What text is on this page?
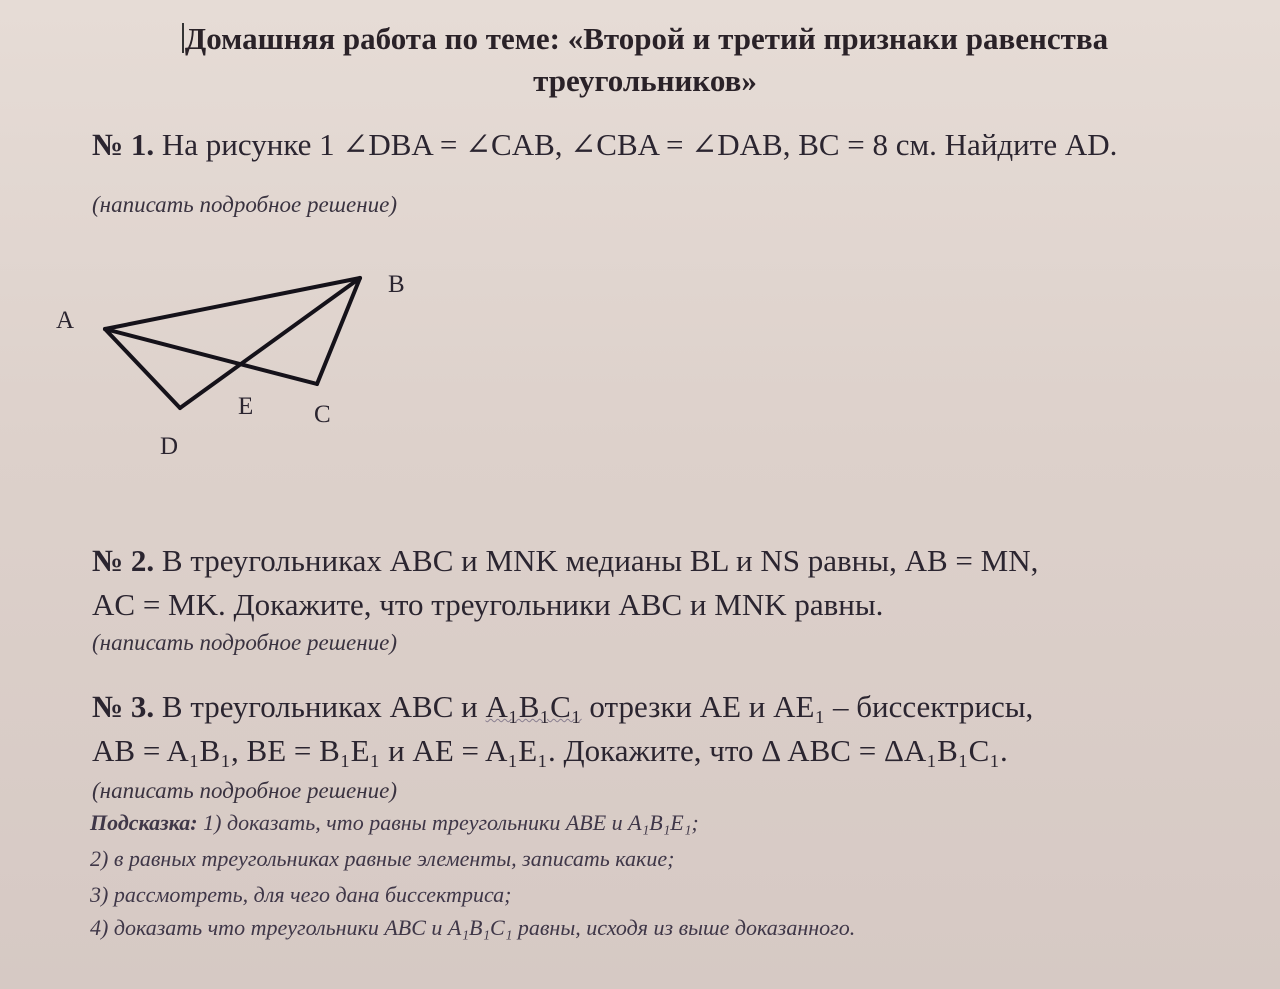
Домашняя работа по теме: «Второй и третий признаки равенства
треугольников»
№ 1. На рисунке 1 ∠DBA = ∠CAB, ∠CBA = ∠DAB, BC = 8 см. Найдите AD.
(написать подробное решение)
A
B
C
D
E
№ 2. В треугольниках ABC и MNK медианы BL и NS равны, AB = MN,
AC = MK. Докажите, что треугольники ABC и MNK равны.
(написать подробное решение)
№ 3. В треугольниках ABC и A₁B₁C₁ отрезки AE и AE₁ – биссектрисы,
AB = A₁B₁, BE = B₁E₁ и AE = A₁E₁. Докажите, что Δ ABC = ΔA₁B₁C₁.
(написать подробное решение)
Подсказка: 1) доказать, что равны треугольники ABE и A₁B₁E₁;
2) в равных треугольниках равные элементы, записать какие;
3) рассмотреть, для чего дана биссектриса;
4) доказать что треугольники ABC и A₁B₁C₁ равны, исходя из выше доказанного.
